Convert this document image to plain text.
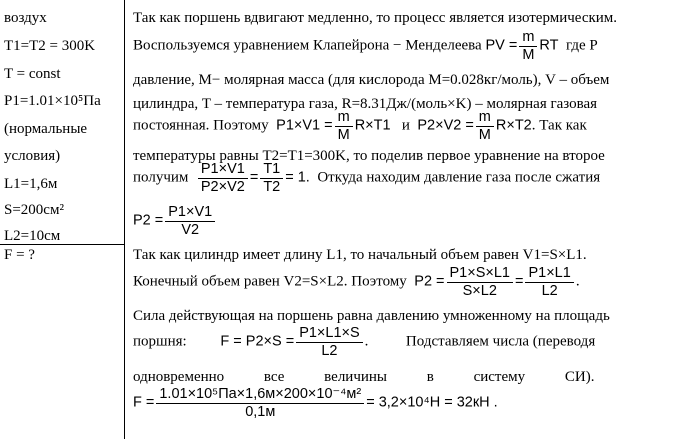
воздух
T1=T2 = 300K
T = const
P1=1.01×10⁵Па
(нормальные
условия)
L1=1,6м
S=200см²
L2=10см
F = ?
Так как поршень вдвигают медленно, то процесс является изотермическим.
Воспользуемся уравнением Клапейрона − Менделеева PV = $\frac{m}{M}$ RT где P
давление, M− молярная масса (для кислорода M=0.028кг/моль), V – объем
цилиндра, T – температура газа, R=8.31Дж/(моль×K) – молярная газовая
постоянная. Поэтому $P1\times V1 = \frac{m}{M} R\times T1$ и $P2\times V2 = \frac{m}{M} R\times T2$. Так как
температуры равны T2=T1=300K, то поделив первое уравнение на второе
получим $\frac{P1\times V1}{P2\times V2} = \frac{T1}{T2} = 1$. Откуда находим давление газа после сжатия
$P2 = \frac{P1\times V1}{V2}$
Так как цилиндр имеет длину L1, то начальный объем равен V1=S×L1.
Конечный объем равен V2=S×L2. Поэтому $P2 = \frac{P1\times S\times L1}{S\times L2} = \frac{P1\times L1}{L2}$ .
Сила действующая на поршень равна давлению умноженному на площадь
поршня: $F = P2\times S = \frac{P1\times L1\times S}{L2}$ .	Подставляем числа (переводя
одновременно все величины в систему СИ).
F =
1.01×10⁵Па×1,6м×200×10⁻⁴м²
0,1м
= 3,2×10⁴H = 32кН .
